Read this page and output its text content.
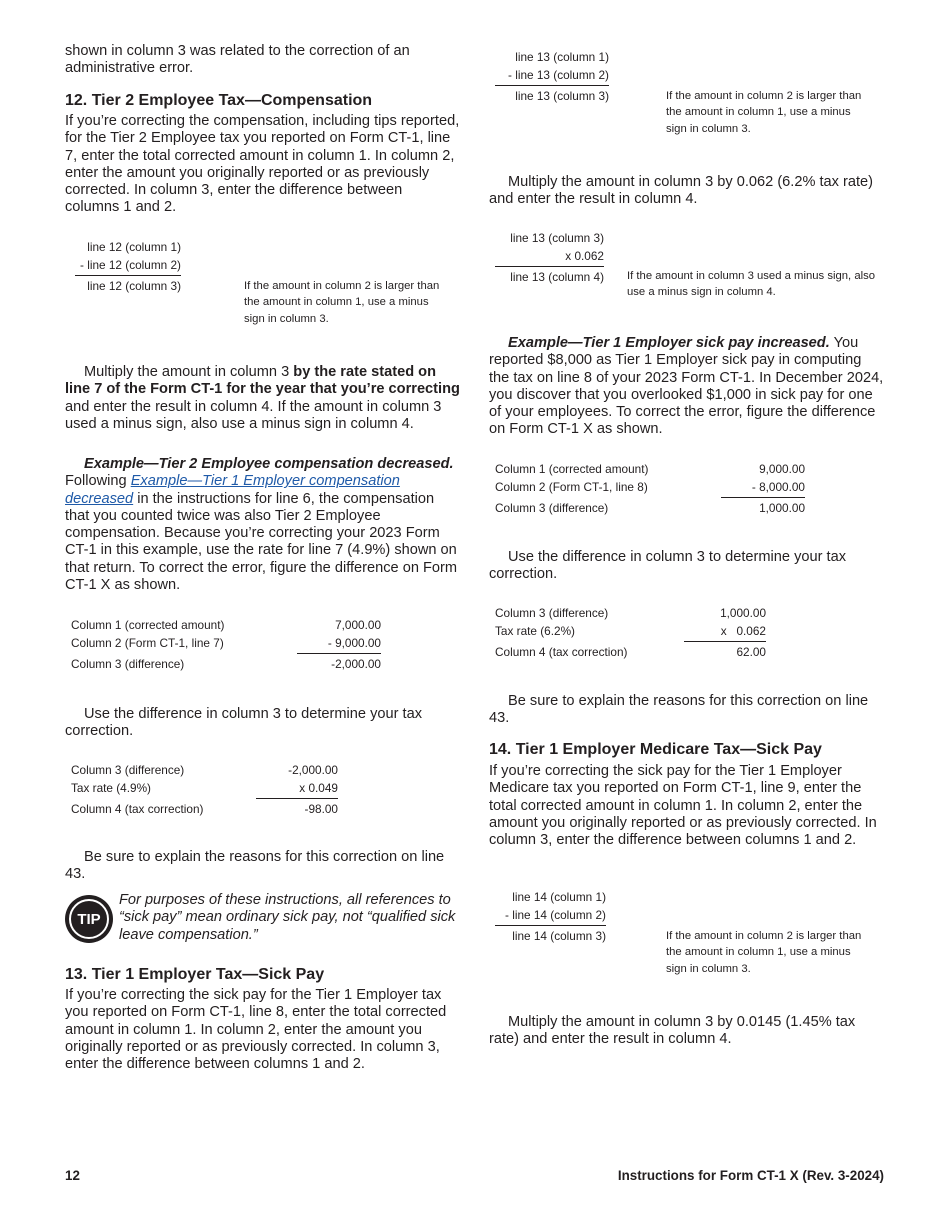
shown in column 3 was related to the correction of an administrative error.

12. Tier 2 Employee Tax—Compensation

If you’re correcting the compensation, including tips reported, for the Tier 2 Employee tax you reported on Form CT-1, line 7, enter the total corrected amount in column 1. In column 2, enter the amount you originally reported or as previously corrected. In column 3, enter the difference between columns 1 and 2.

line 12 (column 1)
- line 12 (column 2)
line 12 (column 3)	If the amount in column 2 is larger than the amount in column 1, use a minus sign in column 3.

Multiply the amount in column 3 by the rate stated on line 7 of the Form CT-1 for the year that you’re correcting and enter the result in column 4. If the amount in column 3 used a minus sign, also use a minus sign in column 4.

Example—Tier 2 Employee compensation decreased.  Following Example—Tier 1 Employer compensation decreased in the instructions for line 6, the compensation that you counted twice was also Tier 2 Employee compensation. Because you’re correcting your 2023 Form CT-1 in this example, use the rate for line 7 (4.9%) shown on that return. To correct the error, figure the difference on Form CT-1 X as shown.

Column 1 (corrected amount)	7,000.00
Column 2 (Form CT-1, line 7)	- 9,000.00
Column 3 (difference)	-2,000.00

Use the difference in column 3 to determine your tax correction.

Column 3 (difference)	-2,000.00
Tax rate (4.9%)	x 0.049
Column 4 (tax correction)	-98.00

Be sure to explain the reasons for this correction on line 43.

TIP

For purposes of these instructions, all references to “sick pay” mean ordinary sick pay, not “qualified sick leave compensation.”

13. Tier 1 Employer Tax—Sick Pay

If you’re correcting the sick pay for the Tier 1 Employer tax you reported on Form CT-1, line 8, enter the total corrected amount in column 1. In column 2, enter the amount you originally reported or as previously corrected. In column 3, enter the difference between columns 1 and 2.

line 13 (column 1)
- line 13 (column 2)
line 13 (column 3)	If the amount in column 2 is larger than the amount in column 1, use a minus sign in column 3.

Multiply the amount in column 3 by 0.062 (6.2% tax rate) and enter the result in column 4.

line 13 (column 3)
x 0.062
line 13 (column 4) If the amount in column 3 used a minus sign, also use a minus sign in column 4.

Example—Tier 1 Employer sick pay increased. You reported $8,000 as Tier 1 Employer sick pay in computing the tax on line 8 of your 2023 Form CT-1. In December 2024, you discover that you overlooked $1,000 in sick pay for one of your employees. To correct the error, figure the difference on Form CT-1 X as shown.

Column 1 (corrected amount)	9,000.00
Column 2 (Form CT-1, line 8)	- 8,000.00
Column 3 (difference)	1,000.00

Use the difference in column 3 to determine your tax correction.

Column 3 (difference)	1,000.00
Tax rate (6.2%)	x   0.062
Column 4 (tax correction)	62.00

Be sure to explain the reasons for this correction on line 43.

14. Tier 1 Employer Medicare Tax—Sick Pay

If you’re correcting the sick pay for the Tier 1 Employer Medicare tax you reported on Form CT-1, line 9, enter the total corrected amount in column 1. In column 2, enter the amount you originally reported or as previously corrected. In column 3, enter the difference between columns 1 and 2.

line 14 (column 1)
- line 14 (column 2)
line 14 (column 3)	If the amount in column 2 is larger than the amount in column 1, use a minus sign in column 3.

Multiply the amount in column 3 by 0.0145 (1.45% tax rate) and enter the result in column 4.

12	Instructions for Form CT-1 X (Rev. 3-2024)
